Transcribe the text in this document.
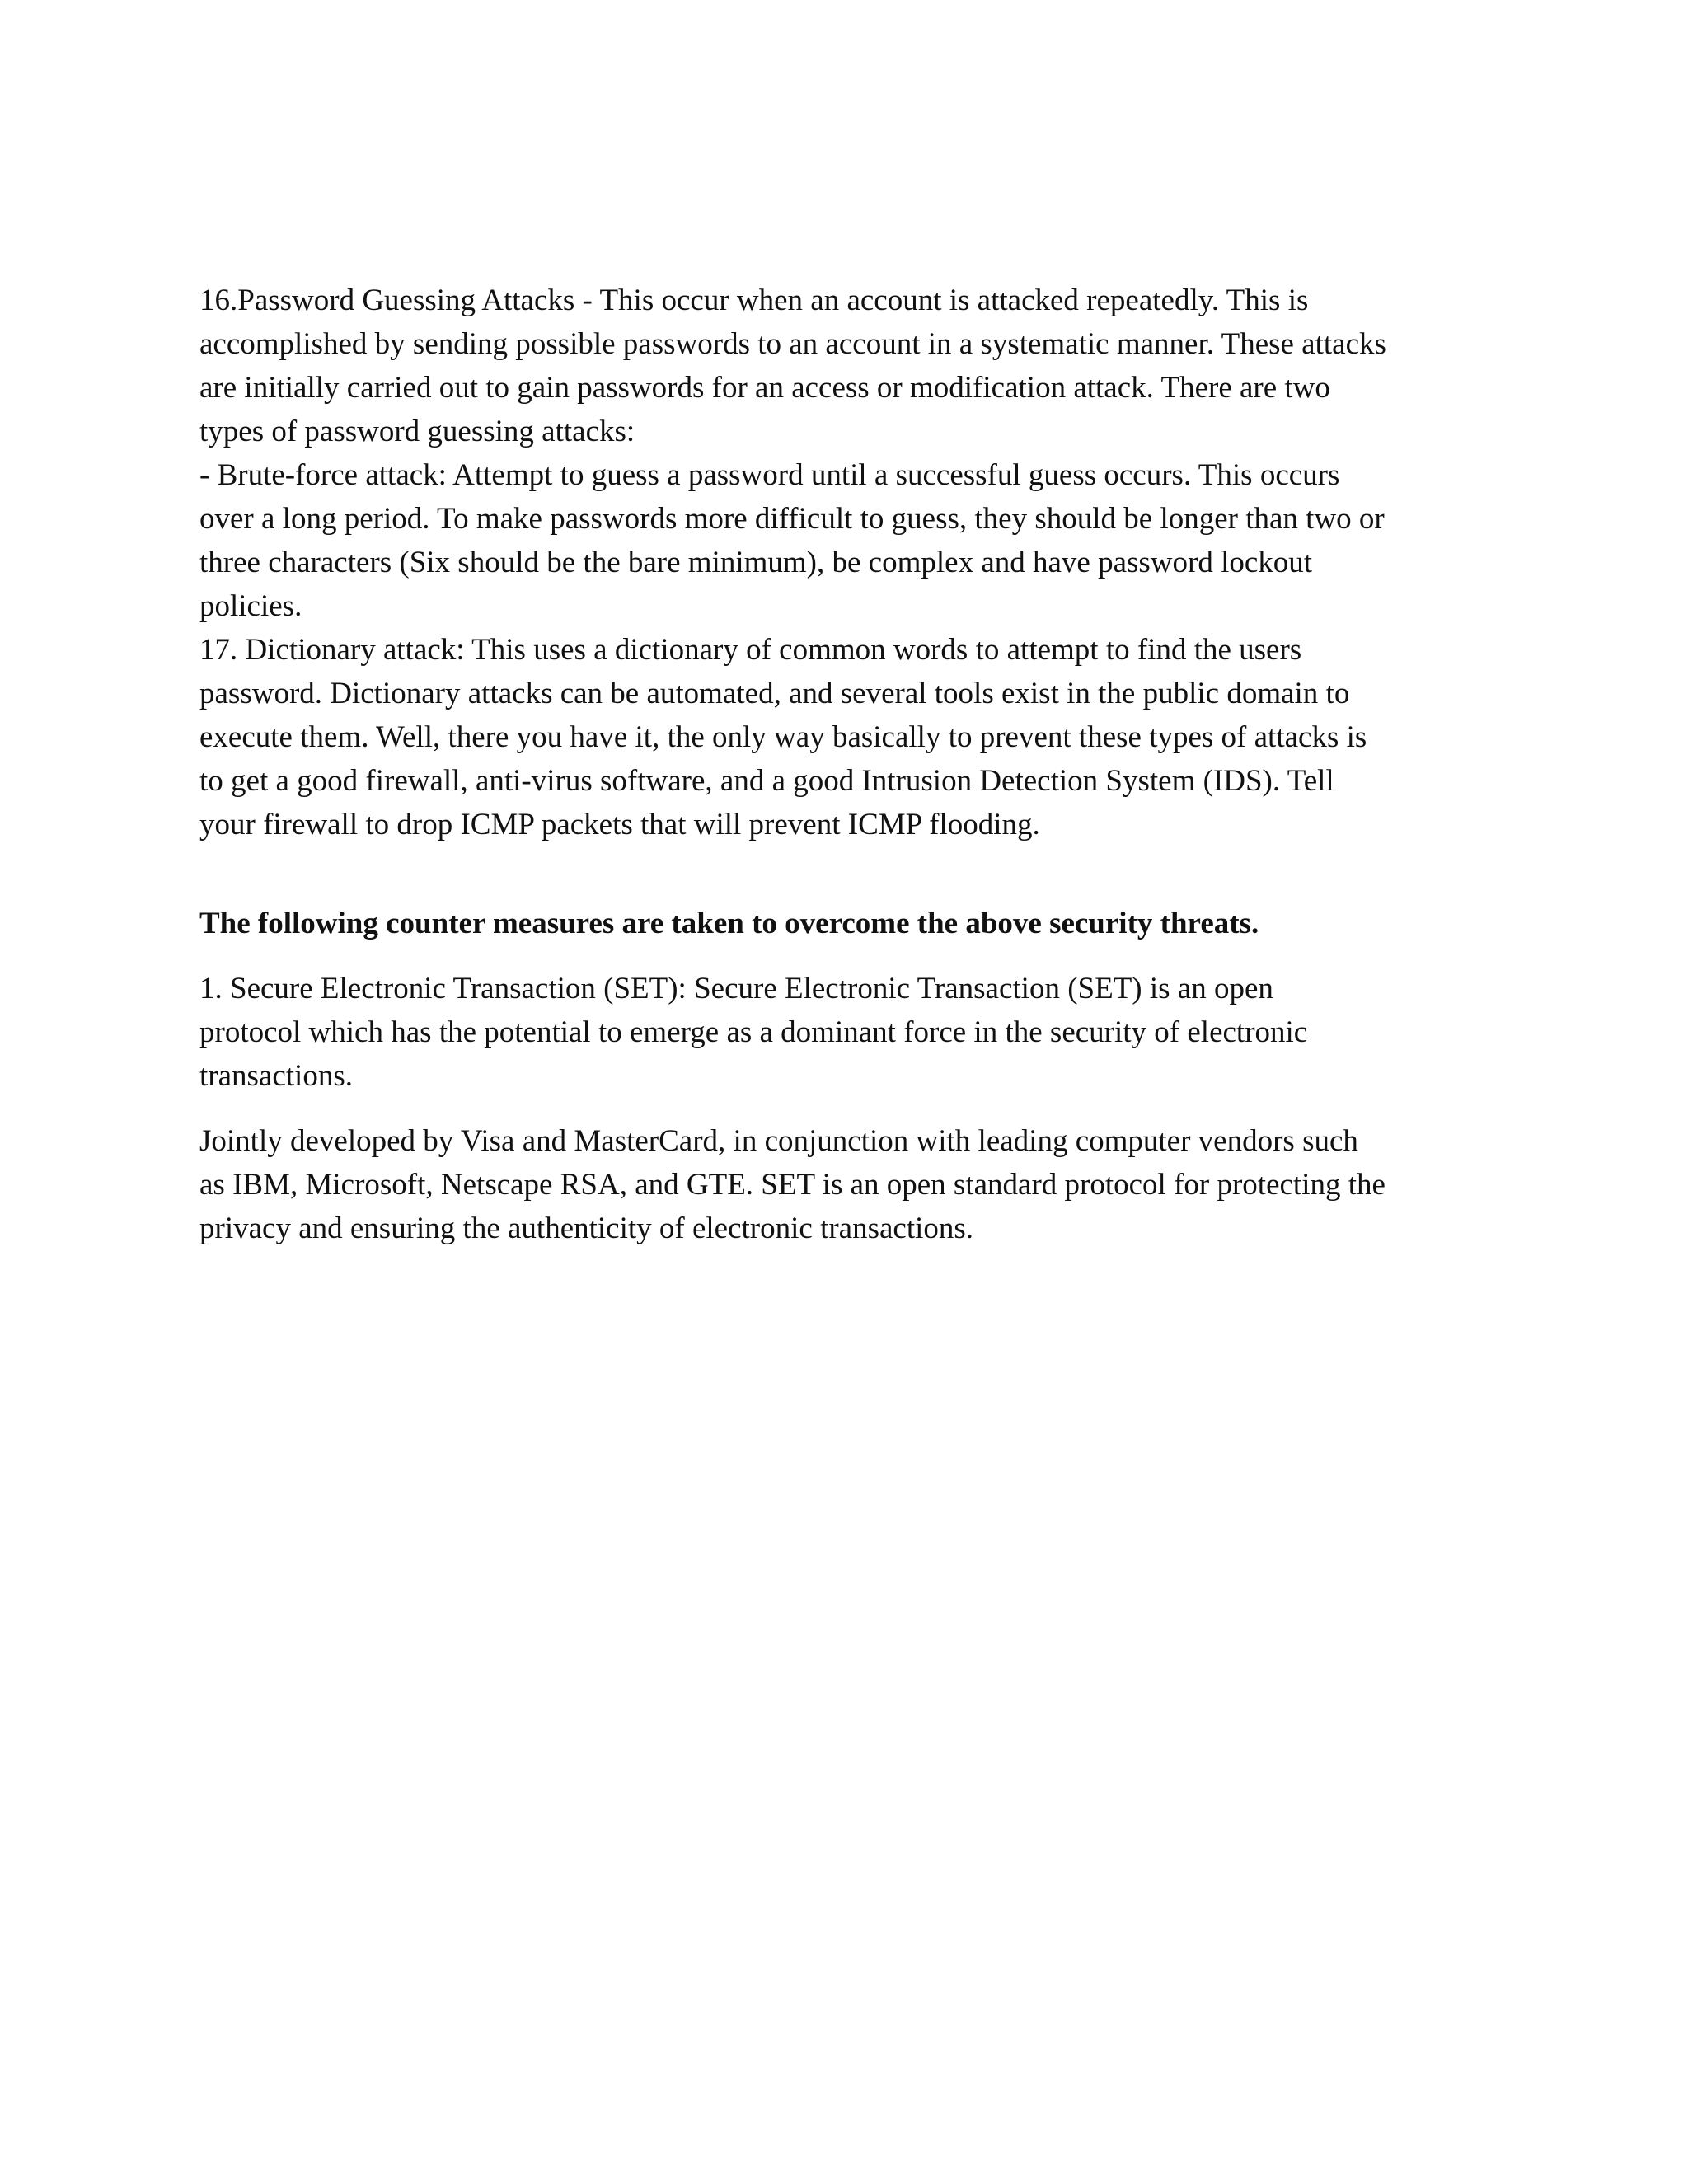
16.Password Guessing Attacks - This occur when an account is attacked repeatedly. This is
accomplished by sending possible passwords to an account in a systematic manner. These attacks
are initially carried out to gain passwords for an access or modification attack. There are two
types of password guessing attacks:
- Brute-force attack: Attempt to guess a password until a successful guess occurs. This occurs
over a long period. To make passwords more difficult to guess, they should be longer than two or
three characters (Six should be the bare minimum), be complex and have password lockout
policies.
17. Dictionary attack: This uses a dictionary of common words to attempt to find the users
password. Dictionary attacks can be automated, and several tools exist in the public domain to
execute them. Well, there you have it, the only way basically to prevent these types of attacks is
to get a good firewall, anti-virus software, and a good Intrusion Detection System (IDS). Tell
your firewall to drop ICMP packets that will prevent ICMP flooding.
The following counter measures are taken to overcome the above security threats.
1. Secure Electronic Transaction (SET): Secure Electronic Transaction (SET) is an open
protocol which has the potential to emerge as a dominant force in the security of electronic
transactions.
Jointly developed by Visa and MasterCard, in conjunction with leading computer vendors such
as IBM, Microsoft, Netscape RSA, and GTE. SET is an open standard protocol for protecting the
privacy and ensuring the authenticity of electronic transactions.
